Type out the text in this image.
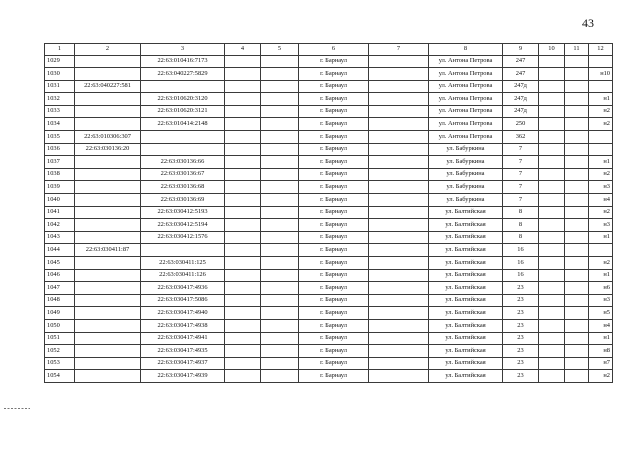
43
1	2	3	4	5	6	7	8	9	10	11	12
1029		22:63:010416:7173			г. Барнаул		ул. Антона Петрова	247			
1030		22:63:040227:5829			г. Барнаул		ул. Антона Петрова	247			н10
1031	22:63:040227:581				г. Барнаул		ул. Антона Петрова	247д			
1032		22:63:010620:3120			г. Барнаул		ул. Антона Петрова	247д			н1
1033		22:63:010620:3121			г. Барнаул		ул. Антона Петрова	247д			н2
1034		22:63:010414:2148			г. Барнаул		ул. Антона Петрова	250			н2
1035	22:63:010306:307				г. Барнаул		ул. Антона Петрова	362			
1036	22:63:030136:20				г. Барнаул		ул. Бабуркина	7			
1037		22:63:030136:66			г. Барнаул		ул. Бабуркина	7			н1
1038		22:63:030136:67			г. Барнаул		ул. Бабуркина	7			н2
1039		22:63:030136:68			г. Барнаул		ул. Бабуркина	7			н3
1040		22:63:030136:69			г. Барнаул		ул. Бабуркина	7			н4
1041		22:63:030412:5193			г. Барнаул		ул. Балтийская	8			н2
1042		22:63:030412:5194			г. Барнаул		ул. Балтийская	8			н3
1043		22:63:030412:1576			г. Барнаул		ул. Балтийская	8			н1
1044	22:63:030411:87				г. Барнаул		ул. Балтийская	16			
1045		22:63:030411:125			г. Барнаул		ул. Балтийская	16			н2
1046		22:63:030411:126			г. Барнаул		ул. Балтийская	16			н1
1047		22:63:030417:4936			г. Барнаул		ул. Балтийская	23			н6
1048		22:63:030417:5086			г. Барнаул		ул. Балтийская	23			н3
1049		22:63:030417:4940			г. Барнаул		ул. Балтийская	23			н5
1050		22:63:030417:4938			г. Барнаул		ул. Балтийская	23			н4
1051		22:63:030417:4941			г. Барнаул		ул. Балтийская	23			н1
1052		22:63:030417:4935			г. Барнаул		ул. Балтийская	23			н8
1053		22:63:030417:4937			г. Барнаул		ул. Балтийская	23			н7
1054		22:63:030417:4939			г. Барнаул		ул. Балтийская	23			н2
